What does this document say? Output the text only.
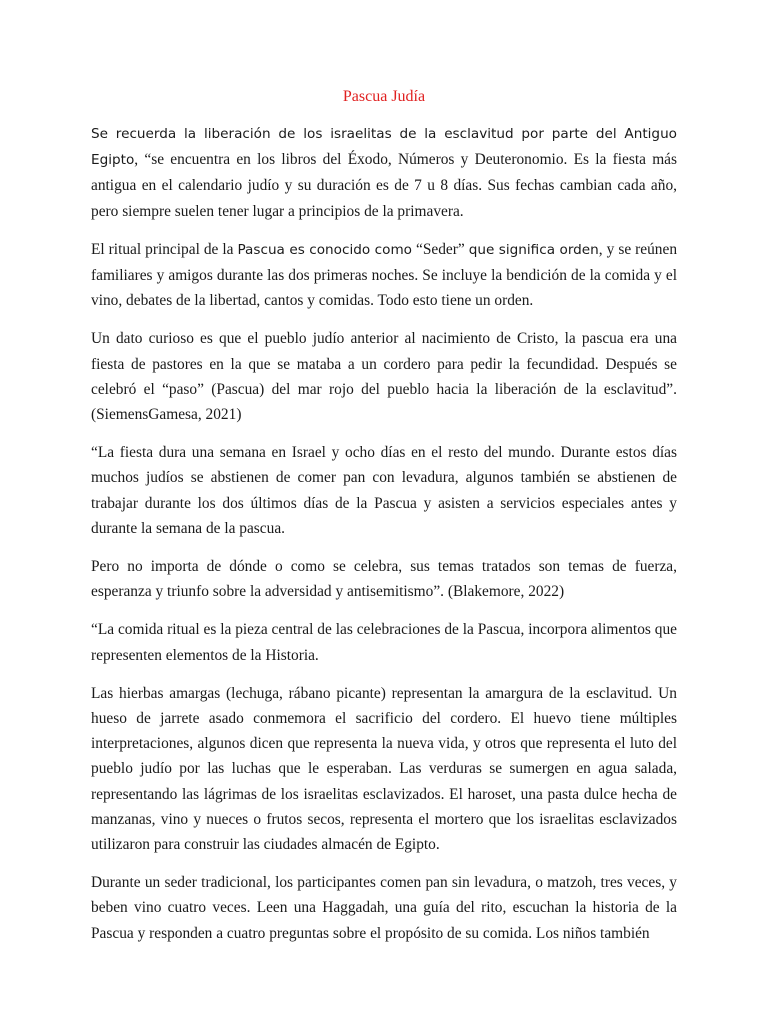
Pascua Judía

Se recuerda la liberación de los israelitas de la esclavitud por parte del Antiguo Egipto, “se encuentra en los libros del Éxodo, Números y Deuteronomio. Es la fiesta más antigua en el calendario judío y su duración es de 7 u 8 días. Sus fechas cambian cada año, pero siempre suelen tener lugar a principios de la primavera.

El ritual principal de la Pascua es conocido como “Seder” que significa orden, y se reúnen familiares y amigos durante las dos primeras noches. Se incluye la bendición de la comida y el vino, debates de la libertad, cantos y comidas. Todo esto tiene un orden.

Un dato curioso es que el pueblo judío anterior al nacimiento de Cristo, la pascua era una fiesta de pastores en la que se mataba a un cordero para pedir la fecundidad. Después se celebró el “paso” (Pascua) del mar rojo del pueblo hacia la liberación de la esclavitud”. (SiemensGamesa, 2021)

“La fiesta dura una semana en Israel y ocho días en el resto del mundo. Durante estos días muchos judíos se abstienen de comer pan con levadura, algunos también se abstienen de trabajar durante los dos últimos días de la Pascua y asisten a servicios especiales antes y durante la semana de la pascua.

Pero no importa de dónde o como se celebra, sus temas tratados son temas de fuerza, esperanza y triunfo sobre la adversidad y antisemitismo”. (Blakemore, 2022)

“La comida ritual es la pieza central de las celebraciones de la Pascua, incorpora alimentos que representen elementos de la Historia.

Las hierbas amargas (lechuga, rábano picante) representan la amargura de la esclavitud. Un hueso de jarrete asado conmemora el sacrificio del cordero. El huevo tiene múltiples interpretaciones, algunos dicen que representa la nueva vida, y otros que representa el luto del pueblo judío por las luchas que le esperaban. Las verduras se sumergen en agua salada, representando las lágrimas de los israelitas esclavizados. El haroset, una pasta dulce hecha de manzanas, vino y nueces o frutos secos, representa el mortero que los israelitas esclavizados utilizaron para construir las ciudades almacén de Egipto.

Durante un seder tradicional, los participantes comen pan sin levadura, o matzoh, tres veces, y beben vino cuatro veces. Leen una Haggadah, una guía del rito, escuchan la historia de la Pascua y responden a cuatro preguntas sobre el propósito de su comida. Los niños también
